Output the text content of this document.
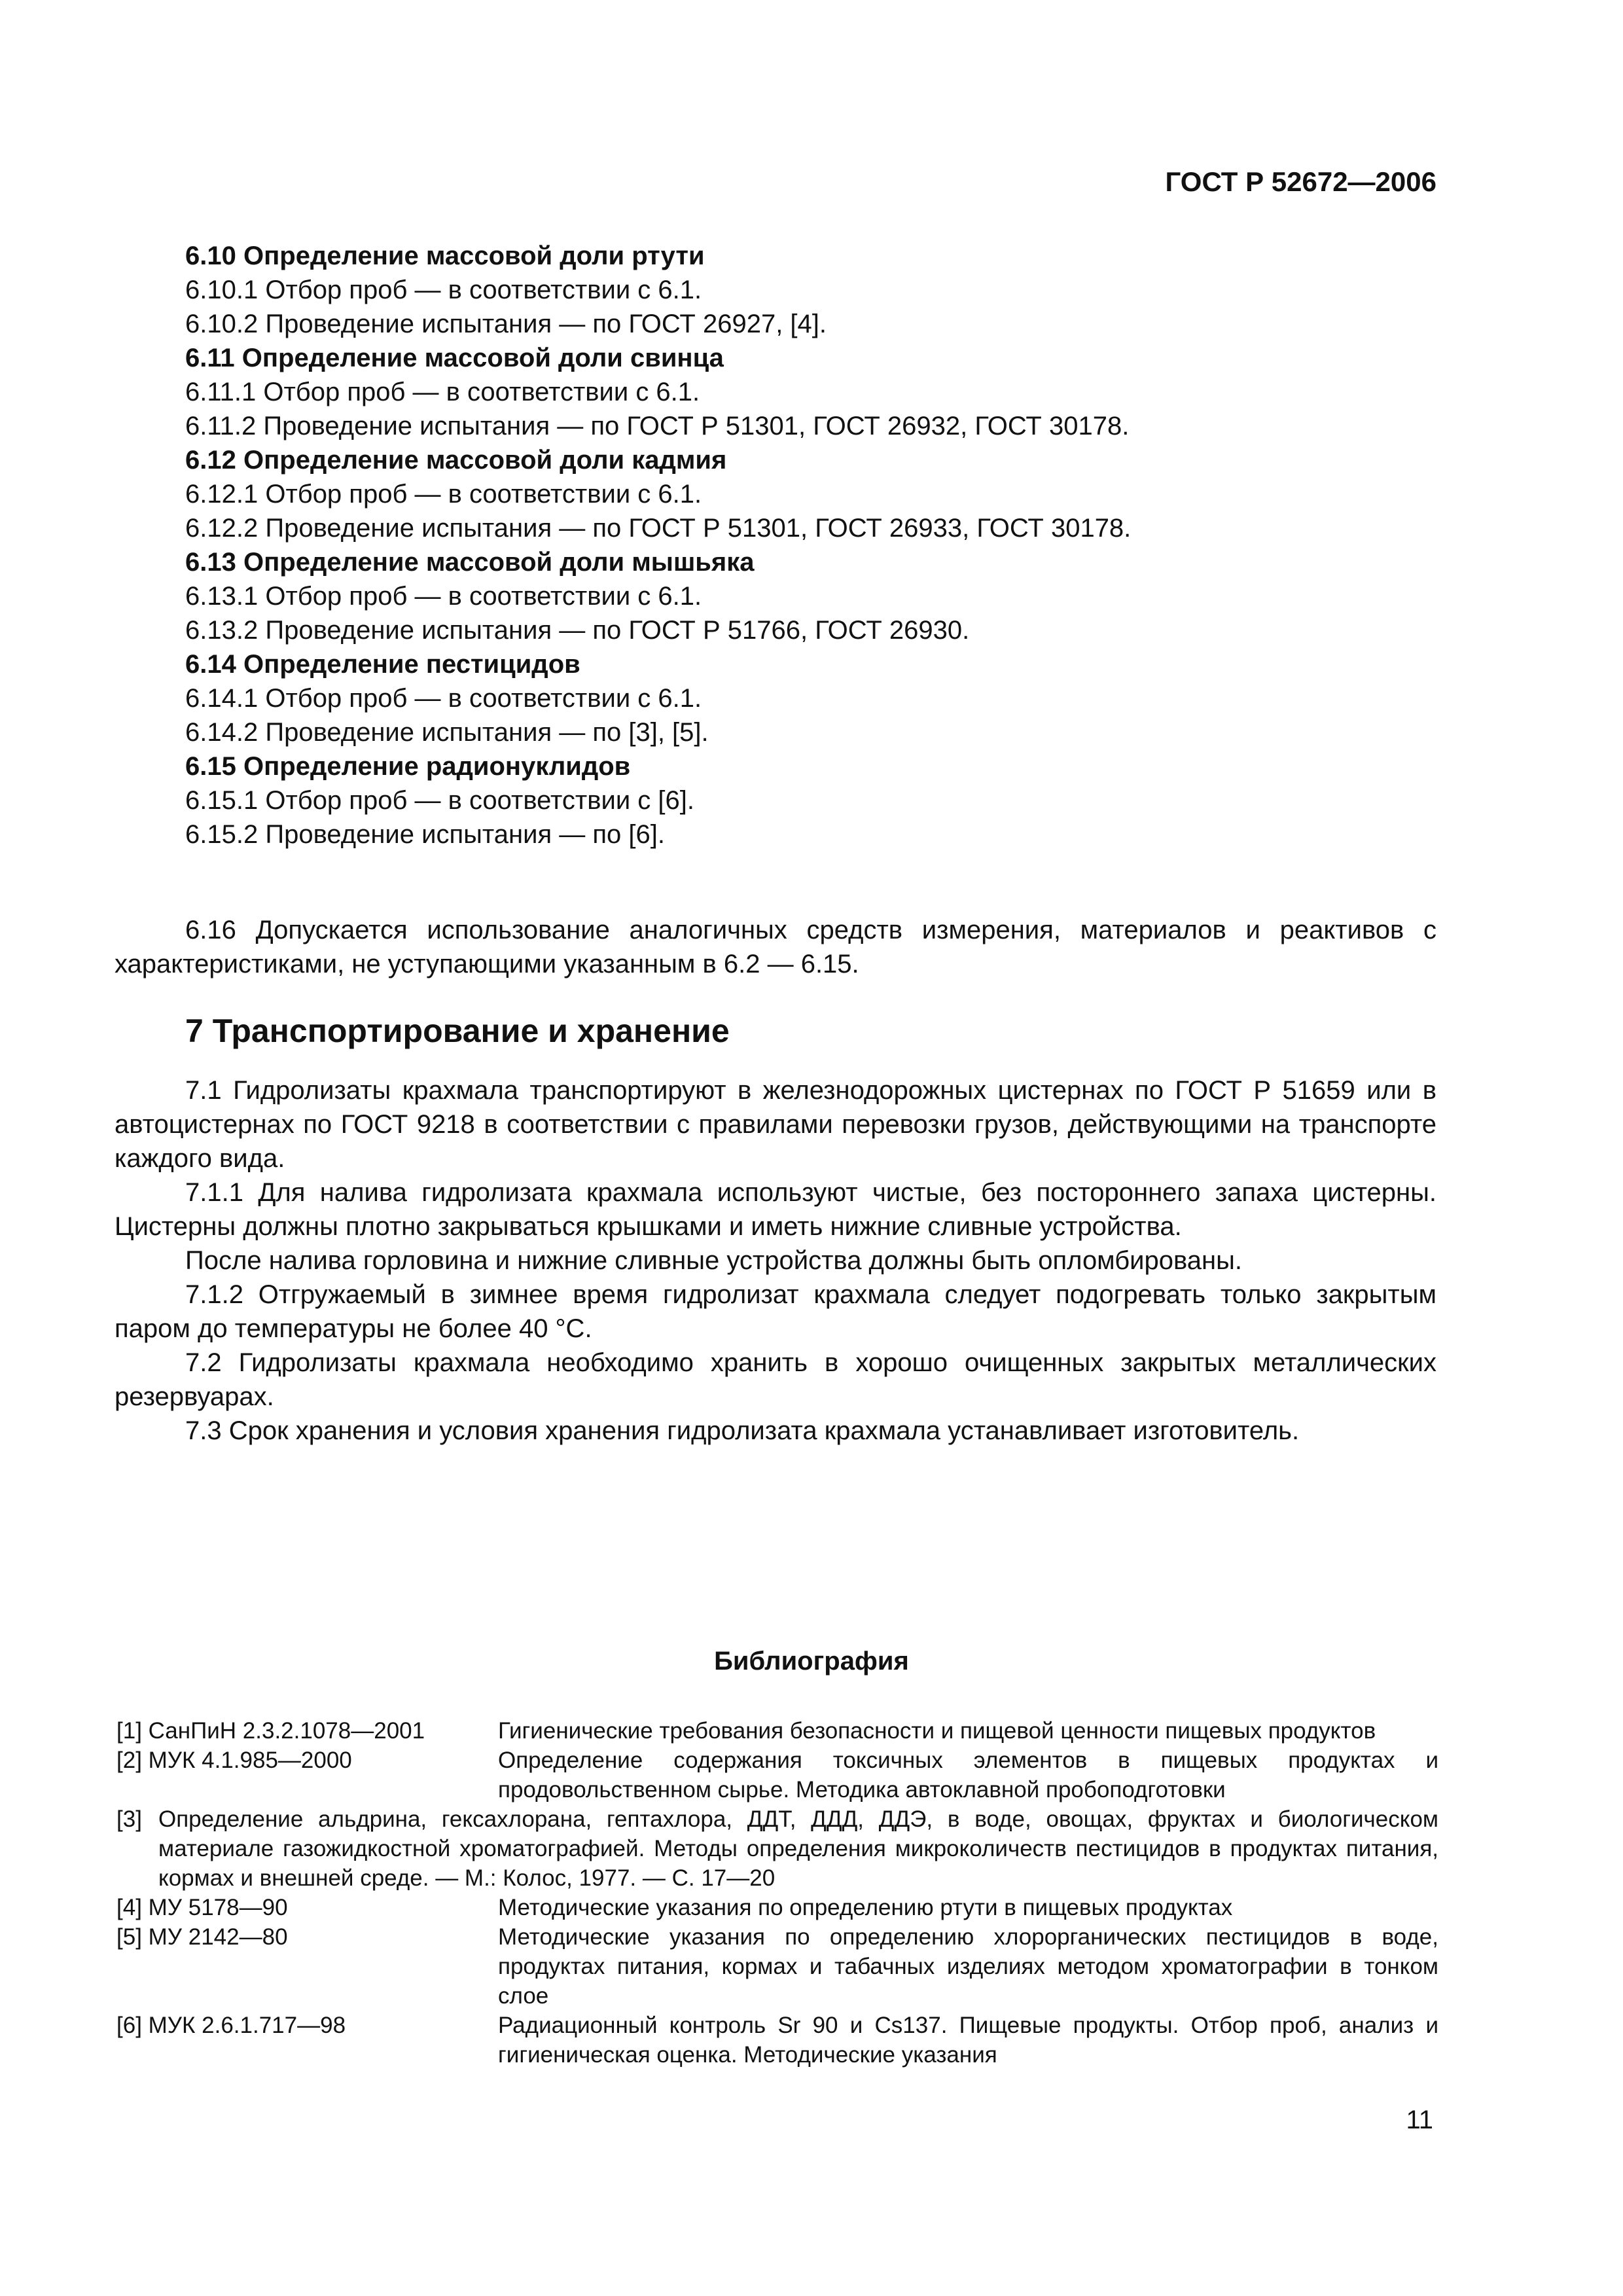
ГОСТ Р 52672—2006
6.10 Определение массовой доли ртути
6.10.1 Отбор проб — в соответствии с 6.1.
6.10.2 Проведение испытания — по ГОСТ 26927, [4].
6.11 Определение массовой доли свинца
6.11.1 Отбор проб — в соответствии с 6.1.
6.11.2 Проведение испытания — по ГОСТ Р 51301, ГОСТ 26932, ГОСТ 30178.
6.12 Определение массовой доли кадмия
6.12.1 Отбор проб — в соответствии с 6.1.
6.12.2 Проведение испытания — по ГОСТ Р 51301, ГОСТ 26933, ГОСТ 30178.
6.13 Определение массовой доли мышьяка
6.13.1 Отбор проб — в соответствии с 6.1.
6.13.2 Проведение испытания — по ГОСТ Р 51766, ГОСТ 26930.
6.14 Определение пестицидов
6.14.1 Отбор проб — в соответствии с 6.1.
6.14.2 Проведение испытания — по [3], [5].
6.15 Определение радионуклидов
6.15.1 Отбор проб — в соответствии с [6].
6.15.2 Проведение испытания — по [6].
6.16 Допускается использование аналогичных средств измерения, материалов и реактивов с характеристиками, не уступающими указанным в 6.2 — 6.15.
7 Транспортирование и хранение
7.1 Гидролизаты крахмала транспортируют в железнодорожных цистернах по ГОСТ Р 51659 или в автоцистернах по ГОСТ 9218 в соответствии с правилами перевозки грузов, действующими на транспорте каждого вида.
7.1.1 Для налива гидролизата крахмала используют чистые, без постороннего запаха цистерны. Цистерны должны плотно закрываться крышками и иметь нижние сливные устройства.
После налива горловина и нижние сливные устройства должны быть опломбированы.
7.1.2 Отгружаемый в зимнее время гидролизат крахмала следует подогревать только закрытым паром до температуры не более 40 °С.
7.2 Гидролизаты крахмала необходимо хранить в хорошо очищенных закрытых металлических резервуарах.
7.3 Срок хранения и условия хранения гидролизата крахмала устанавливает изготовитель.
Библиография
[1] СанПиН 2.3.2.1078—2001	Гигиенические требования безопасности и пищевой ценности пищевых продуктов
[2] МУК 4.1.985—2000	Определение содержания токсичных элементов в пищевых продуктах и продовольственном сырье. Методика автоклавной пробоподготовки
[3] Определение альдрина, гексахлорана, гептахлора, ДДТ, ДДД, ДДЭ, в воде, овощах, фруктах и биологическом материале газожидкостной хроматографией. Методы определения микроколичеств пестицидов в продуктах питания, кормах и внешней среде. — М.: Колос, 1977. — С. 17—20
[4] МУ 5178—90	Методические указания по определению ртути в пищевых продуктах
[5] МУ 2142—80	Методические указания по определению хлорорганических пестицидов в воде, продуктах питания, кормах и табачных изделиях методом хроматографии в тонком слое
[6] МУК 2.6.1.717—98	Радиационный контроль Sr 90 и Cs137. Пищевые продукты. Отбор проб, анализ и гигиеническая оценка. Методические указания
11
